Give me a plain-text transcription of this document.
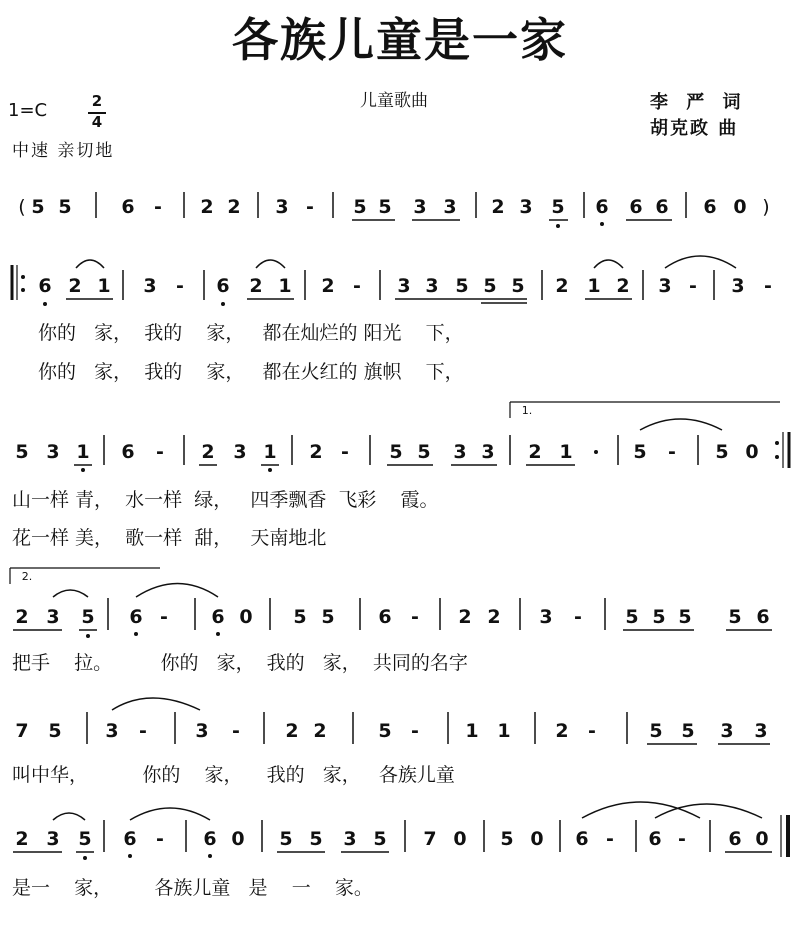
各族儿童是一家
儿童歌曲	李 严 词
胡克政 曲
1=C	2
4
中速 亲切地
( 5 5	6 - 2 2 3 - 5 5 3 3 2 3 5 6 6 6 6 0 )
6 2 1 3 - 6 2 1 2 - 3 3 5 5 5 2 1 2 3 - 3 -
1.
5 3 1 6 - 2 3 1 2 - 5 5 3 3 2 1	5 - 5 0
2.
2 3 5 6 - 6 0 5 5 6 - 2 2 3 - 5 5 5 5 6
7 5 3 -	3 - 2 2	5 - 1 1 2 -	5 5 3 3
2 3 5 6 - 6 0 5 5 3 5 7 0 5 0 6 - 6 - 6 0
你的   家，  我的    家，   都在灿烂的 阳光    下，
你的   家，  我的    家，   都在火红的 旗帜    下，
山一样 青，  水一样  绿，   四季飘香  飞彩    霞。
花一样 美，  歌一样  甜，   天南地北
把手    拉。        你的   家，  我的   家，  共同的名字
叫中华，         你的    家，    我的   家，   各族儿童
是一    家，       各族儿童   是    一    家。
